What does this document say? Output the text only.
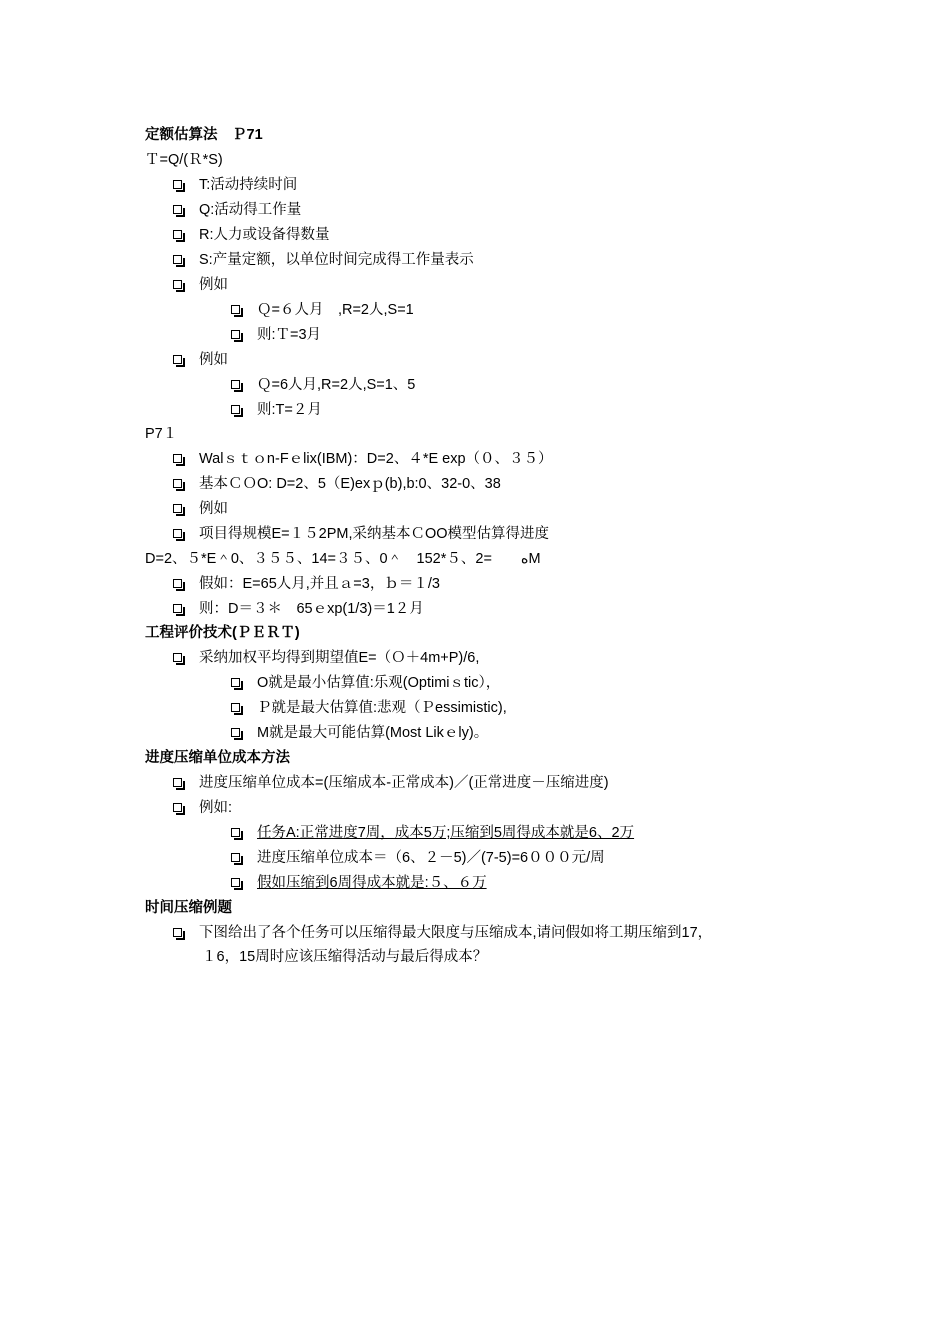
定额估算法　Ｐ71
Ｔ=Q/(Ｒ*S)
T:活动持续时间
Q:活动得工作量
R:人力或设备得数量
S:产量定额，以单位时间完成得工作量表示
例如
Ｑ=６人月　,R=2人,S=1
则:Ｔ=3月
例如
Ｑ=6人月,R=2人,S=1、5
则:T=２月
P7１
Walｓｔｏn-Fｅlix(IBM)：D=2、４*E exp（０、３５）
基本ＣＯO: D=2、5（E)exｐ(b),b:0、32-0、38
例如
项目得规模E=１５2PM,采纳基本ＣOO模型估算得进度
D=2、５*E＾0、３５５、14=３５、0＾　152*５、2=　　ﻩM
假如：E=65人月,并且ａ=3，ｂ＝１/3
则：D＝３＊　65ｅxp(1/3)＝1２月
工程评价技术(ＰＥＲＴ)
采纳加权平均得到期望值E=（Ｏ＋4m+P)/6,
O就是最小估算值:乐观(Optimiｓtic），
Ｐ就是最大估算值:悲观（Ｐessimistic),
M就是最大可能估算(Most Likｅly)。
进度压缩单位成本方法
进度压缩单位成本=(压缩成本-正常成本)／(正常进度－压缩进度)
例如:
任务A:正常进度7周，成本5万;压缩到5周得成本就是6、2万
进度压缩单位成本＝（6、２－5)／(7-5)=6０００元/周
假如压缩到6周得成本就是:５、６万
时间压缩例题
下图给出了各个任务可以压缩得最大限度与压缩成本,请问假如将工期压缩到17，
１6，15周时应该压缩得活动与最后得成本？
